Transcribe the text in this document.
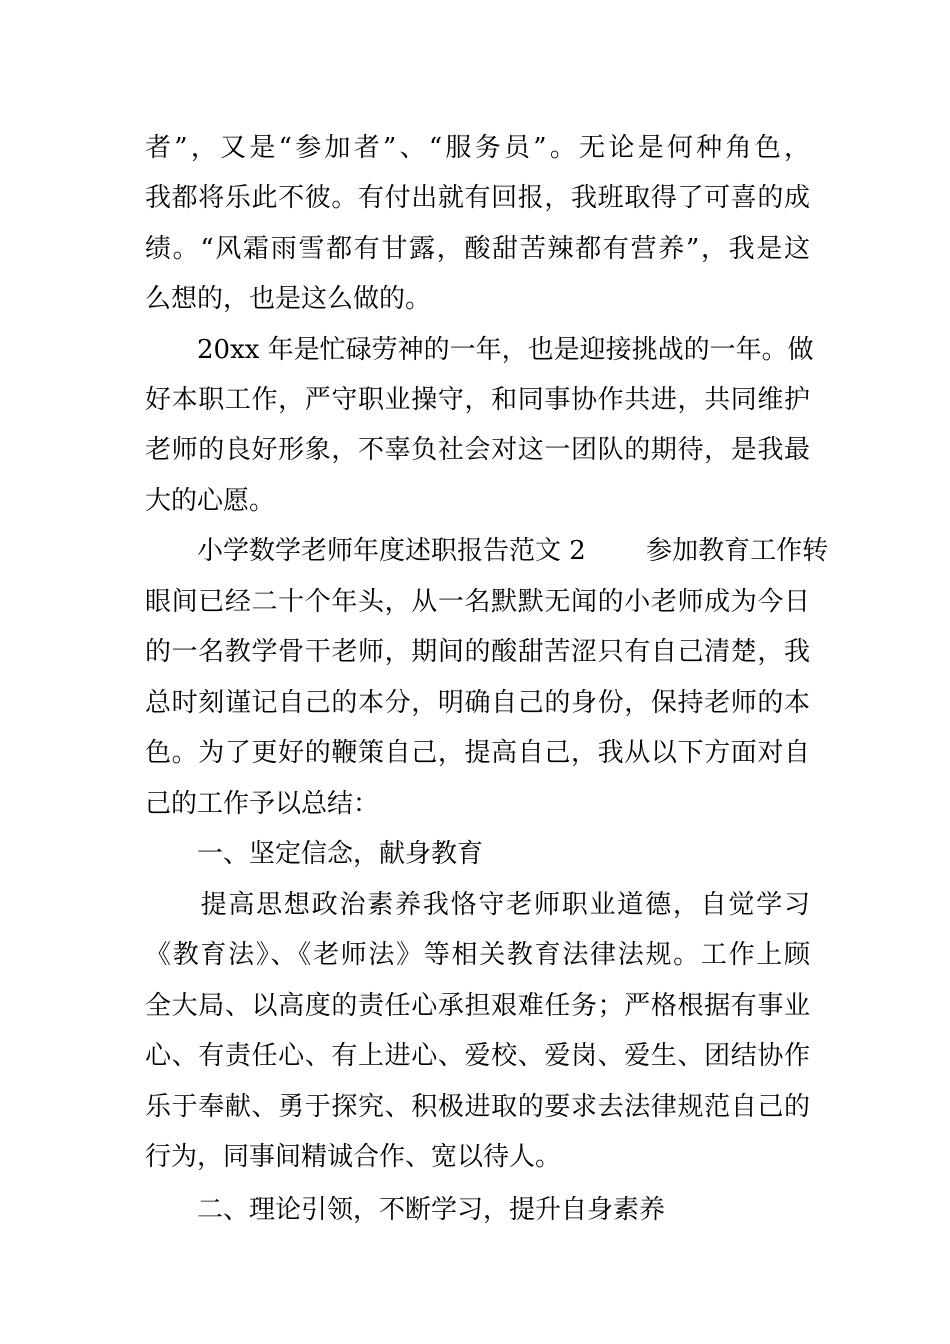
者”，又是“参加者”、“服务员”。无论是何种角色，
我都将乐此不彼。有付出就有回报，我班取得了可喜的成
绩。“风霜雨雪都有甘露，酸甜苦辣都有营养”，我是这
么想的，也是这么做的。
　　20xx 年是忙碌劳神的一年，也是迎接挑战的一年。做
好本职工作，严守职业操守，和同事协作共进，共同维护
老师的良好形象，不辜负社会对这一团队的期待，是我最
大的心愿。
　　小学数学老师年度述职报告范文 2　　 参加教育工作转
眼间已经二十个年头，从一名默默无闻的小老师成为今日
的一名教学骨干老师，期间的酸甜苦涩只有自己清楚，我
总时刻谨记自己的本分，明确自己的身份，保持老师的本
色。为了更好的鞭策自己，提高自己，我从以下方面对自
己的工作予以总结：
　　一、坚定信念，献身教育
　　提高思想政治素养我恪守老师职业道德，自觉学习
《教育法》、《老师法》等相关教育法律法规。工作上顾
全大局、以高度的责任心承担艰难任务；严格根据有事业
心、有责任心、有上进心、爱校、爱岗、爱生、团结协作
乐于奉献、勇于探究、积极进取的要求去法律规范自己的
行为，同事间精诚合作、宽以待人。
　　二、理论引领，不断学习，提升自身素养
